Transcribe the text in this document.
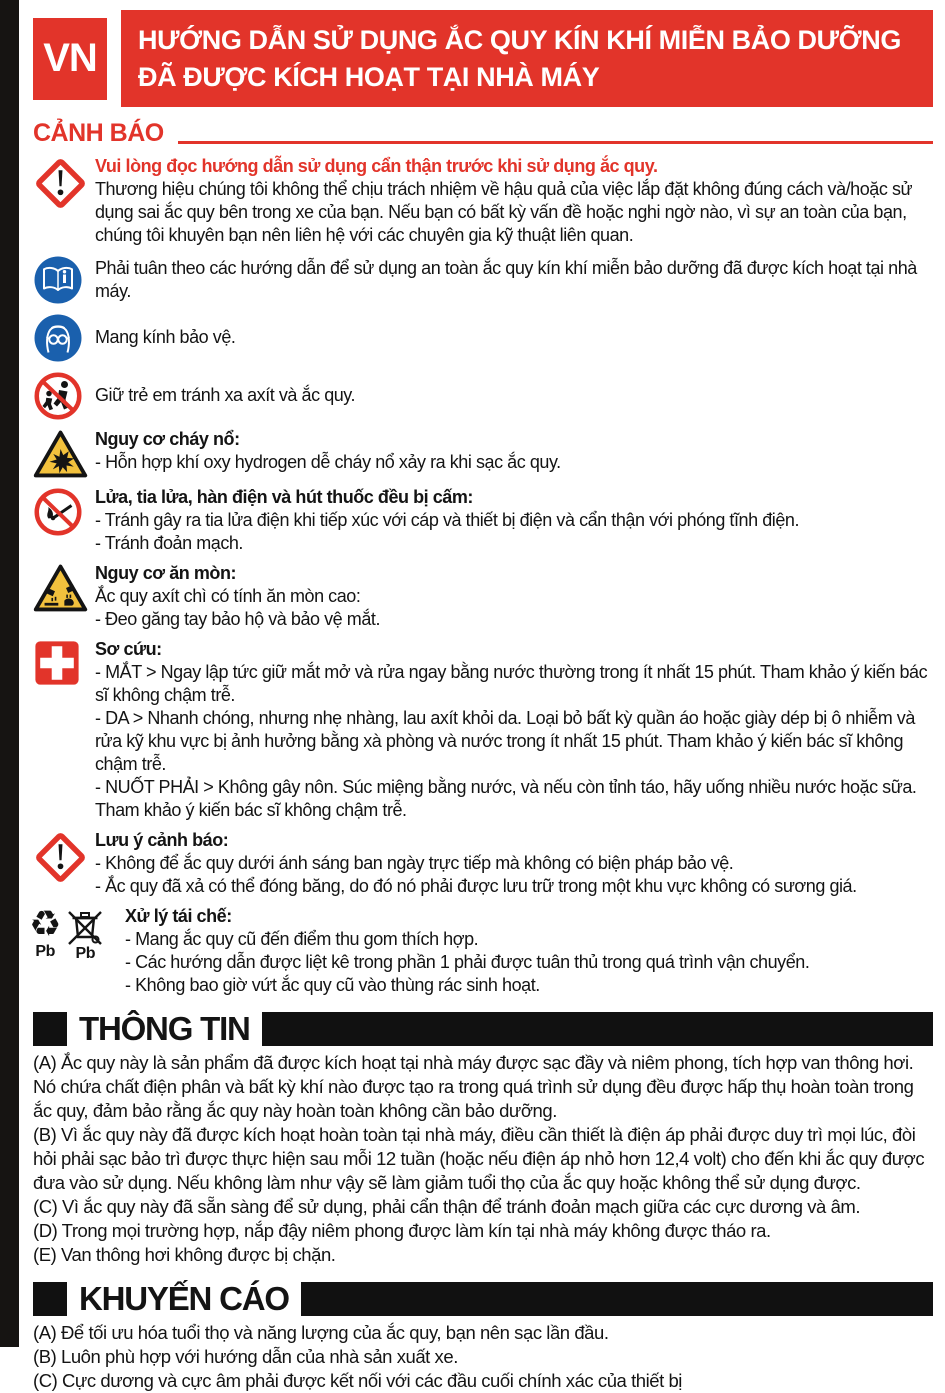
VN	HƯỚNG DẪN SỬ DỤNG ẮC QUY KÍN KHÍ MIỄN BẢO DƯỠNG
ĐÃ ĐƯỢC KÍCH HOẠT TẠI NHÀ MÁY
CẢNH BÁO
Vui lòng đọc hướng dẫn sử dụng cẩn thận trước khi sử dụng ắc quy.
Thương hiệu chúng tôi không thể chịu trách nhiệm về hậu quả của việc lắp đặt không đúng cách và/hoặc sử dụng sai ắc quy bên trong xe của bạn. Nếu bạn có bất kỳ vấn đề hoặc nghi ngờ nào, vì sự an toàn của bạn, chúng tôi khuyên bạn nên liên hệ với các chuyên gia kỹ thuật liên quan.
Phải tuân theo các hướng dẫn để sử dụng an toàn ắc quy kín khí miễn bảo dưỡng đã được kích hoạt tại nhà máy.
Mang kính bảo vệ.
Giữ trẻ em tránh xa axít và ắc quy.
Nguy cơ cháy nổ:
- Hỗn hợp khí oxy hydrogen dễ cháy nổ xảy ra khi sạc ắc quy.
Lửa, tia lửa, hàn điện và hút thuốc đều bị cấm:
- Tránh gây ra tia lửa điện khi tiếp xúc với cáp và thiết bị điện và cẩn thận với phóng tĩnh điện.
- Tránh đoản mạch.
Nguy cơ ăn mòn:
Ắc quy axít chì có tính ăn mòn cao:
- Đeo găng tay bảo hộ và bảo vệ mắt.
Sơ cứu:
- MẮT > Ngay lập tức giữ mắt mở và rửa ngay bằng nước thường trong ít nhất 15 phút. Tham khảo ý kiến bác sĩ không chậm trễ.
- DA > Nhanh chóng, nhưng nhẹ nhàng, lau axít khỏi da. Loại bỏ bất kỳ quần áo hoặc giày dép bị ô nhiễm và rửa kỹ khu vực bị ảnh hưởng bằng xà phòng và nước trong ít nhất 15 phút. Tham khảo ý kiến bác sĩ không chậm trễ.
- NUỐT PHẢI > Không gây nôn. Súc miệng bằng nước, và nếu còn tỉnh táo, hãy uống nhiều nước hoặc sữa. Tham khảo ý kiến bác sĩ không chậm trễ.
Lưu ý cảnh báo:
- Không để ắc quy dưới ánh sáng ban ngày trực tiếp mà không có biện pháp bảo vệ.
- Ắc quy đã xả có thể đóng băng, do đó nó phải được lưu trữ trong một khu vực không có sương giá.
♻
Pb Pb
Xử lý tái chế:
- Mang ắc quy cũ đến điểm thu gom thích hợp.
- Các hướng dẫn được liệt kê trong phần 1 phải được tuân thủ trong quá trình vận chuyển.
- Không bao giờ vứt ắc quy cũ vào thùng rác sinh hoạt.
THÔNG TIN

(A) Ắc quy này là sản phẩm đã được kích hoạt tại nhà máy được sạc đầy và niêm phong, tích hợp van thông hơi. Nó chứa chất điện phân và bất kỳ khí nào được tạo ra trong quá trình sử dụng đều được hấp thụ hoàn toàn trong ắc quy, đảm bảo rằng ắc quy này hoàn toàn không cần bảo dưỡng.

(B) Vì ắc quy này đã được kích hoạt hoàn toàn tại nhà máy, điều cần thiết là điện áp phải được duy trì mọi lúc, đòi hỏi phải sạc bảo trì được thực hiện sau mỗi 12 tuần (hoặc nếu điện áp nhỏ hơn 12,4 volt) cho đến khi ắc quy được đưa vào sử dụng. Nếu không làm như vậy sẽ làm giảm tuổi thọ của ắc quy hoặc không thể sử dụng được.

(C) Vì ắc quy này đã sẵn sàng để sử dụng, phải cẩn thận để tránh đoản mạch giữa các cực dương và âm.

(D) Trong mọi trường hợp, nắp đậy niêm phong được làm kín tại nhà máy không được tháo ra.

(E) Van thông hơi không được bị chặn.

KHUYẾN CÁO

(A) Để tối ưu hóa tuổi thọ và năng lượng của ắc quy, bạn nên sạc lần đầu.

(B) Luôn phù hợp với hướng dẫn của nhà sản xuất xe.

(C) Cực dương và cực âm phải được kết nối với các đầu cuối chính xác của thiết bị
